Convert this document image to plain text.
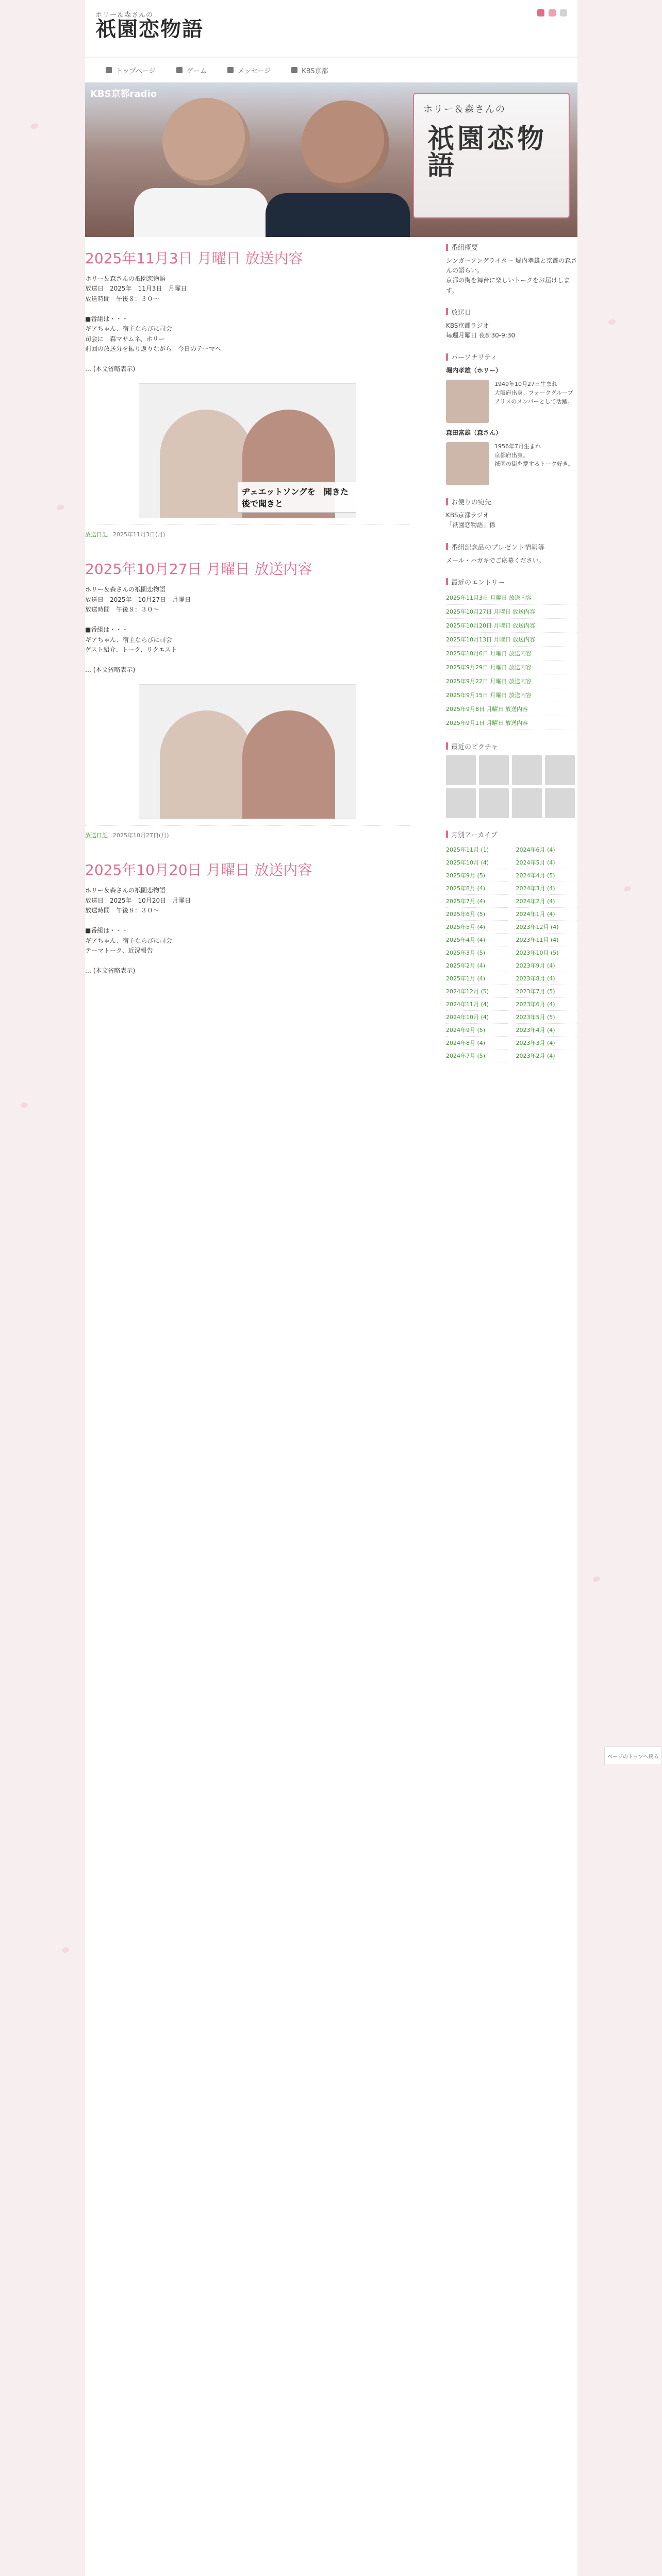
ホリー＆森さんの
祇園恋物語
トップページ	ゲーム	メッセージ	KBS京都
KBS京都radio
ホリー＆森さんの
祇園恋物語
2025年11月3日 月曜日 放送内容
ホリー＆森さんの祇園恋物語
放送日　2025年　11月3日　月曜日
放送時間　午後８：３０～

■番組は・・・
ギアちゃん、宿主ならびに司会
司会に　森マサムネ、ホリー
前回の放送分を振り返りながら　今日のテーマへ

… (本文省略表示)
ヂェエットソングを　聞きた後で聞きと
放送日記 2025年11月3日(月)
2025年10月27日 月曜日 放送内容
ホリー＆森さんの祇園恋物語
放送日　2025年　10月27日　月曜日
放送時間　午後８：３０～

■番組は・・・
ギアちゃん、宿主ならびに司会
ゲスト紹介、トーク、リクエスト

… (本文省略表示)
放送日記 2025年10月27日(月)
2025年10月20日 月曜日 放送内容
ホリー＆森さんの祇園恋物語
放送日　2025年　10月20日　月曜日
放送時間　午後８：３０～

■番組は・・・
ギアちゃん、宿主ならびに司会
テーマトーク、近況報告

… (本文省略表示)
番組概要
シンガーソングライター 堀内孝雄と京都の森さんの語らい。
京都の街を舞台に楽しいトークをお届けします。
放送日
KBS京都ラジオ
毎週月曜日 夜8:30-9:30
パーソナリティ
堀内孝雄（ホリー）
1949年10月27日生まれ
大阪府出身。フォークグループ
アリスのメンバーとして活躍。
森田富雄（森さん）
1956年7月生まれ
京都府出身。
祇園の街を愛するトーク好き。
お便りの宛先
KBS京都ラジオ
「祇園恋物語」係
番組記念品のプレゼント情報等
メール・ハガキでご応募ください。
最近のエントリー
2025年11月3日 月曜日 放送内容
2025年10月27日 月曜日 放送内容
2025年10月20日 月曜日 放送内容
2025年10月13日 月曜日 放送内容
2025年10月6日 月曜日 放送内容
2025年9月29日 月曜日 放送内容
2025年9月22日 月曜日 放送内容
2025年9月15日 月曜日 放送内容
2025年9月8日 月曜日 放送内容
2025年9月1日 月曜日 放送内容
最近のピクチャ
月別アーカイブ
2025年11月 (1)	2024年6月 (4)
2025年10月 (4)	2024年5月 (4)
2025年9月 (5)	2024年4月 (5)
2025年8月 (4)	2024年3月 (4)
2025年7月 (4)	2024年2月 (4)
2025年6月 (5)	2024年1月 (4)
2025年5月 (4)	2023年12月 (4)
2025年4月 (4)	2023年11月 (4)
2025年3月 (5)	2023年10月 (5)
2025年2月 (4)	2023年9月 (4)
2025年1月 (4)	2023年8月 (4)
2024年12月 (5)	2023年7月 (5)
2024年11月 (4)	2023年6月 (4)
2024年10月 (4)	2023年5月 (5)
2024年9月 (5)	2023年4月 (4)
2024年8月 (4)	2023年3月 (4)
2024年7月 (5)	2023年2月 (4)
ページのトップへ戻る
